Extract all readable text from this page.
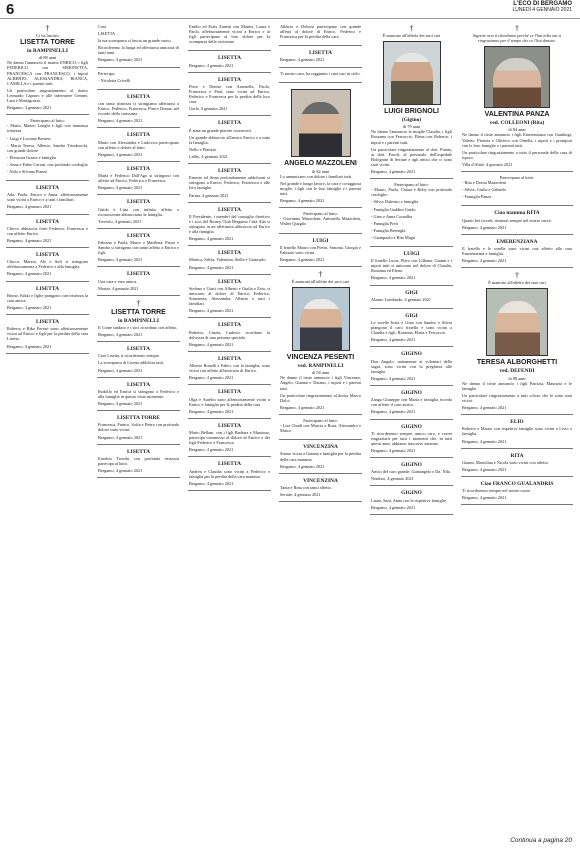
6	L'ECO DI BERGAMO
LUNEDÌ 4 GENNAIO 2021
†
Ci ha lasciati
LISETTA TORRE
in RAMPINELLI
di 88 anni

Ne danno l'annuncio il marito ENRICO, i figli FEDERICO con SIMONETTA, FRANCESCA con FRANCESCO, i nipoti ALBERTO, ALESSANDRA, BIANCA, CAMILLA e i parenti tutti.

Un particolare ringraziamento al dottor Leonardo Capraro e alle infermiere Gennet, Lara e Mariagrazia.

Bergamo, 4 gennaio 2021
Partecipano al lutto:

- Marta, Matteo Longhi e figli con immensa tristezza

- Luigi e Luciana Bernert

- Maria Teresa, Alberto, Sandro Trimboschi, con grande dolore

- Eleonora Grazie e famiglia

- Anna e Fabio Caroni, con profondo cordoglio

- Aldo e Silvana Pianni

LISETTA

Ada, Paola, Enrico e Anna, affettuosamente sono vicini a Enrico e a tutti i familiari.

Bergamo, 4 gennaio 2021
LISETTA

Chicco abbraccia forte Federico, Francesca e con affetto Enrico.

Bergamo, 4 gennaio 2021
LISETTA

Chicca, Marzia, Ale e Sofi si stringono affettuosamente a Federico e alla famiglia.

Bergamo, 4 gennaio 2021
LISETTA

Bruno, Kikki e figlie piangono con tristezza la cara amica.

Bergamo, 4 gennaio 2021
LISETTA

Roberto e Rika Ferrari sono affettuosamente vicini ad Enrico e figli per la perdita della cara Lisetta.

Bergamo, 4 gennaio 2021

Cara

LISETTA

la tua scomparsa ci lascia un grande vuoto.

Ricorderemo la lunga ed affettuosa amicizia di tanti anni.

Bergamo, 4 gennaio 2021

Partecipa:

- Nicoletta Crivelli

LISETTA

con tanta tristezza ci stringiamo affettuosi a Enrico, Federico, Francesca, Pino e Donna, nel ricordo della carissima

Bergamo, 4 gennaio 2021
LISETTA

Mario con Alessandra e Ludovica partecipano con affetto e dolore al lutto.

Bergamo, 4 gennaio 2021
LISETTA

Maria e Federico Dall'Ago si stringono con affetto ad Enrico, Federico e Francesca.

Bergamo, 4 gennaio 2021
LISETTA

Guido e Lina con infinito affetto e riconoscenza abbracciano la famiglia.

Treviolo, 4 gennaio 2021
LISETTA

Fabrizio e Paola, Marco e Marilena, Pietro e Sandra si stringono con tanto affetto a Enrico e figli.

Bergamo, 4 gennaio 2021
LISETTA

Una cara e vera amica.

Monza, 4 gennaio 2021
†
LISETTA TORRE
in RAMPINELLI

Il Conte sindaco e i soci ricordano con affetto.

Bergamo, 4 gennaio 2021
LISETTA

Ciao Lisetta, ti ricorderemo sempre.

La scomparsa di Lisetta addolora tutti.

Bergamo, 4 gennaio 2021
LISETTA

Rodolfo ed Enrica si stringono a Federico e alla famiglia in questo triste momento.

Bergamo, 4 gennaio 2021
LISETTA TORRE

Francesca, Franco, Sofia e Pietro con profondo dolore sono vicini.

Bergamo, 4 gennaio 2021
LISETTA

Eusebio Trombi con profonda tristezza partecipa al lutto.

Bergamo, 4 gennaio 2021

Emilio ed Ester Zanetti con Matteo, Laura e Paolo, affettuosamente vicini a Enrico e ai figli partecipano al loro dolore per la scomparsa della carissima

LISETTA
Bergamo, 4 gennaio 2021
LISETTA

Piero e Denise con Antonella, Paolo, Francesca e Paul, sono vicini ad Enrico, Federico e Francesca per la perdita della loro cara

Gorle, 4 gennaio 2021
LISETTA

È stata un grande piacere conoscerti.

Un grande abbraccio all'amico Enrico e a tutta la famiglia.

Nello e Patrizia.

Lallio, 4 gennaio 2021
LISETTA

Ernesto ed Anna profondamente addolorati si stringono a Enrico, Federico, Francesca e alle loro famiglie.

Parma, 4 gennaio 2021
LISETTA

Il Presidente, i membri del consiglio direttivo e i soci del Rotary Club Bergamo Città Alta si stringono in un affettuoso abbraccio ad Enrico e alla famiglia.

Bergamo, 4 gennaio 2021
LISETTA

Monica, Silvia, Valentina, Stella e Giancarlo.

Bergamo, 4 gennaio 2021
LISETTA

Stefano e Giusi con Alberto e Giulia e Zeta, si uniscono al dolore di Enrico, Federico, Simonetta, Alessandra, Alberto e tutti i familiari.

Bergamo, 4 gennaio 2021
LISETTA

Roberto, Cinzia, Ludovic ricordano la dolcezza di una persona speciale.

Bergamo, 4 gennaio 2021
LISETTA

Alberto Ronalli e Fabio, con la famiglia, sono vicini con affetto all'amicizia di Enrico.

Bergamo, 4 gennaio 2021
LISETTA

Olga e Aurelio sono affettuosamente vicini a Enrico e famiglia per la perdita della cara

Bergamo, 4 gennaio 2021
LISETTA

Mario Bellani, con i figli Barbara e Massimo, partecipa commosso al dolore di Enrico e dei figli Federico e Francesca.

Bergamo, 4 gennaio 2021
LISETTA

Andrea e Claudia sono vicini a Federico e famiglia per la perdita della cara mamma.

Bergamo, 4 gennaio 2021

Alberto e Debora partecipano con grande affetto al dolore di Enrico, Federico e Francesca per la perdita della cara

LISETTA
Bergamo, 4 gennaio 2021

Ti nostro caro, ha raggiunto i suoi cari in cielo.

ANGELO MAZZOLENI
di 82 anni

Lo annunciano con dolore i familiari tutti.

Nel grande e lungo lavoro, la cara e coraggiosa moglie, i figli con le loro famiglie e i parenti tutti.

Bergamo, 4 gennaio 2021
Partecipano al lutto:

- Giovanna Mazzoleni, Antonella Mazzoleni, Walter Quaglio

LUIGI

Il fratello Mauro con Pietro, Simona, Giorgio e Fabrizio sono vicini.

Bergamo, 4 gennaio 2021
†
È mancata all'affetto dei suoi cari
VINCENZA PESENTI
ved. RAMPINELLI
di 94 anni

Ne danno il triste annuncio i figli Vincenzo, Angelo, Gianna e Tiziano, i nipoti e i parenti tutti.

Un particolare ringraziamento al dottor Marco Dolci.

Bergamo, 4 gennaio 2021
Partecipano al lutto:

- Lisa Chudi con Marcia e Rosa, Alessandro e Marco

VINCENZINA

Siamo vicini a Gianna e famiglia per la perdita della cara mamma.

Bergamo, 4 gennaio 2021
VINCENZINA

Tania e Rina con tanto affetto.

Seriate, 4 gennaio 2021
†
È mancato all'affetto dei suoi cari
LUIGI BRIGNOLI
(Gigino)
di 79 anni

Ne danno l'annuncio la moglie Claudia, i figli Rosanna con Ferruccio, Elena con Roberto, i nipoti e i parenti tutti.

Un particolare ringraziamento al dott. Pianta, ai dott. Pasoli, al personale dell'ospedale Bolognini di Seriate e agli amici che ci sono stati vicini.

Bergamo, 4 gennaio 2021
Partecipano al lutto:

- Mauro, Paola, Chiara e Roby con profondo cordoglio

- Silvio Dalessio e famiglia

- Famiglia Gaddini Guido

- Gino e Anna Cornalba

- Famiglia Preti

- Famiglia Berenghi

- Giampaolo e Rita Magri

LUIGI

Il fratello Lucia, Piero con Lilliana, Gianni e i nipoti tutti si uniscono nel dolore di Claudia, Rosanna ed Elena.

Bergamo, 4 gennaio 2021
GIGI

Alzano Lombardo, 4 gennaio 2021

GIGI

Le sorelle Inisa e Gina con Sandro e Silvia piangono il caro fratello e sono vicini a Claudia e figli, Rosanna, Elena e Ferruccio.

Bergamo, 4 gennaio 2021
GIGINO

Don Angelo, unitamente ai volontari della sagra, sono vicini con la preghiera alle famiglie.

Bergamo, 4 gennaio 2021
GIGINO

Zanga Giuseppe con Maria e famiglia ricorda con affetto il caro amico.

Bergamo, 4 gennaio 2021
GIGINO

Ti ricorderemo sempre, amico caro, e vorrei ringraziarti per tutti i momenti che, in tutti questi anni, abbiamo trascorso insieme.

Bergamo, 4 gennaio 2021
GIGINO

Amici del caro grande. Gianangelo e Da. Nila.

Nembro, 4 gennaio 2021
GIGINO

Laura, Sara, Anna con le rispettive famiglie.

Bergamo, 4 gennaio 2021
†
Signore non ti chiediamo perché ce l'hai tolto ma ti ringraziamo per il tempo che ce l'hai donato.
VALENTINA PANZA
ved. COLLEONI (Rita)
di 84 anni

Ne danno il triste annuncio i figli Emerenziana con Gianluigi, Valerio, Patrizia e Oliviero con Ornella, i nipoti e i pronipoti con le loro famiglie e i parenti tutti.

Un particolare ringraziamento a tutto il personale della casa di riposo.

Villa d'Almè, 4 gennaio 2021
Partecipano al lutto:

- Rita e Dorita Mazzoleni

- Silvia, Giulia e Gabriele

- Famiglia Panza

Ciao mamma RITA

Quanti bei ricordi, rimarrai sempre nel nostro cuore.

Bergamo, 4 gennaio 2021
EMERENZIANA

Il fratello e le sorelle sono vicini con affetto alla cara Emerenziana e famiglia.

Bergamo, 4 gennaio 2021
†
È mancato all'affetto dei suoi cari
TERESA ALBORGHETTI
ved. DEFENDI
di 88 anni

Ne danno il triste annuncio i figli Patrizia, Maurizia e le famiglie.

Un particolare ringraziamento a tutti coloro che le sono stati vicini.

Bergamo, 4 gennaio 2021
ELIO

Roberto e Mauro con rispettive famiglie sono vicini a Livio e famiglia.

Bergamo, 4 gennaio 2021
RITA

Gianni, Mariolina e Nicola sono vicini con affetto.

Bergamo, 4 gennaio 2021
Ciao FRANCO GUALANDRIS

Ti ricorderemo sempre nel nostro cuore.

Bergamo, 4 gennaio 2021
Continua a pagina 20
